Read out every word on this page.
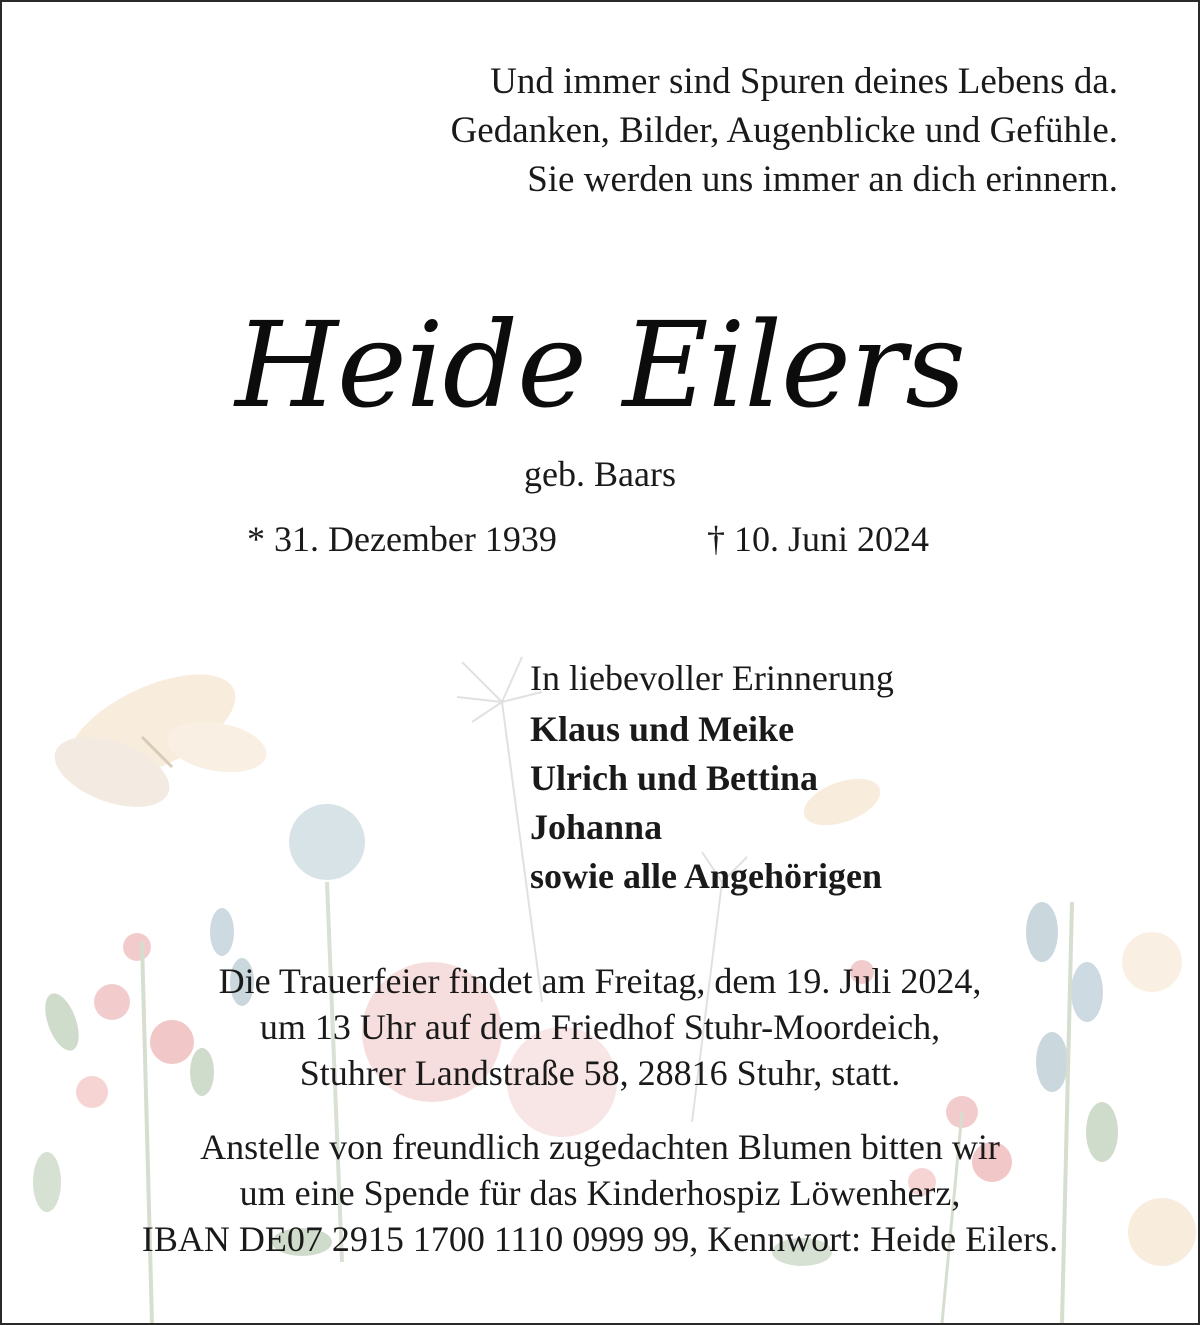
Und immer sind Spuren deines Lebens da.
Gedanken, Bilder, Augenblicke und Gefühle.
Sie werden uns immer an dich erinnern.
Heide Eilers
geb. Baars
* 31. Dezember 1939	† 10. Juni 2024
In liebevoller Erinnerung
Klaus und Meike
Ulrich und Bettina
Johanna
sowie alle Angehörigen
Die Trauerfeier findet am Freitag, dem 19. Juli 2024,
um 13 Uhr auf dem Friedhof Stuhr-Moordeich,
Stuhrer Landstraße 58, 28816 Stuhr, statt.
Anstelle von freundlich zugedachten Blumen bitten wir
um eine Spende für das Kinderhospiz Löwenherz,
IBAN DE07 2915 1700 1110 0999 99, Kennwort: Heide Eilers.
